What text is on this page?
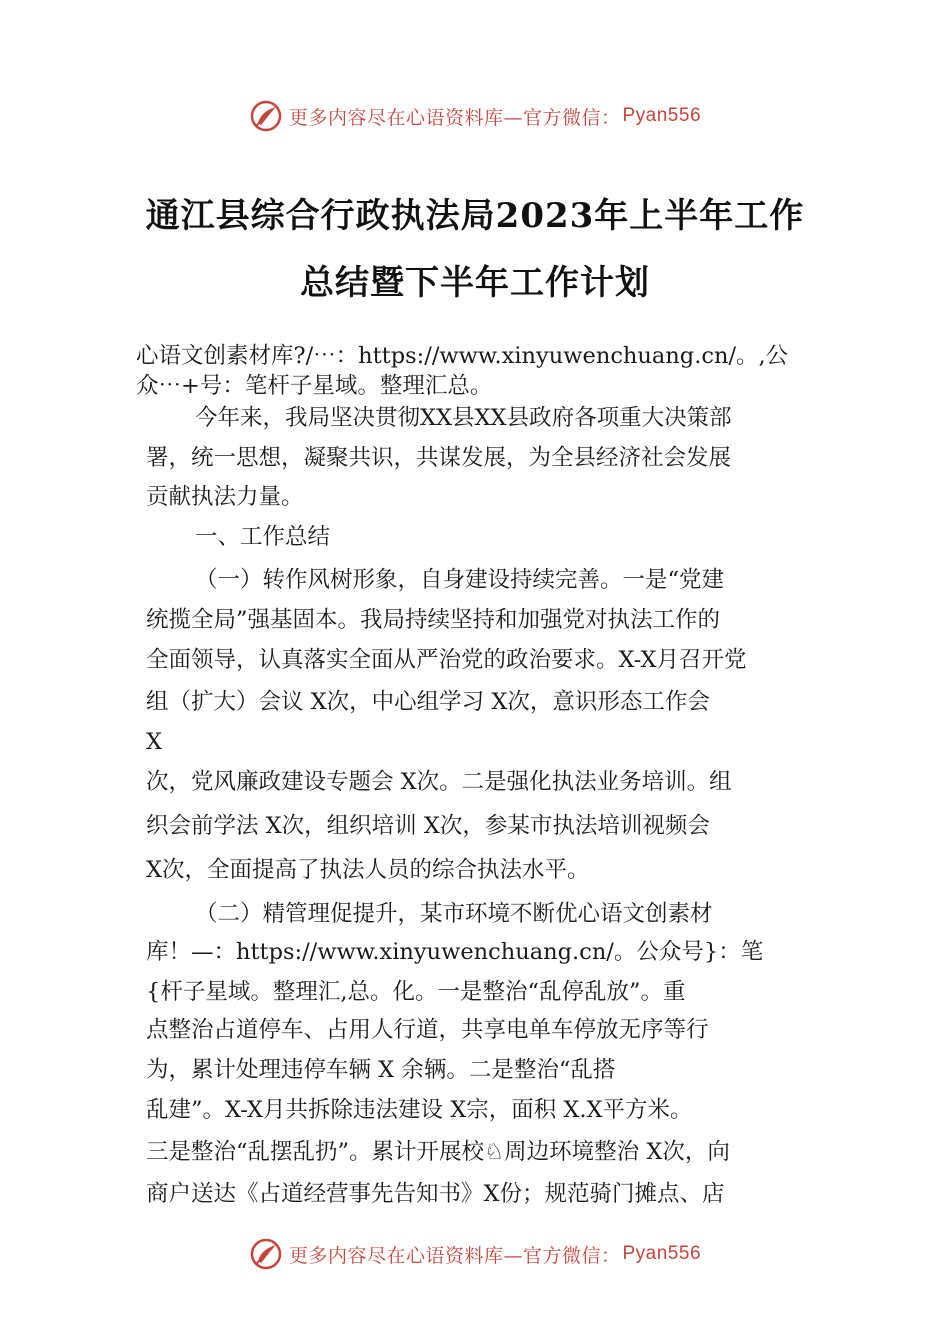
更多内容尽在心语资料库—官方微信： Pyan556
通江县综合行政执法局2023年上半年工作
总结暨下半年工作计划
心语文创素材库?/⋯：https://www.xinyuwenchuang.cn/。,公
众⋯+号：笔杆子星域。整理汇总。
今年来，我局坚决贯彻XX县XX县政府各项重大决策部
署，统一思想，凝聚共识，共谋发展，为全县经济社会发展
贡献执法力量。
一、工作总结
（一）转作风树形象，自身建设持续完善。一是“党建
统揽全局”强基固本。我局持续坚持和加强党对执法工作的
全面领导，认真落实全面从严治党的政治要求。X-X月召开党
组（扩大）会议 X次，中心组学习 X次，意识形态工作会
X
次，党风廉政建设专题会 X次。二是强化执法业务培训。组
织会前学法 X次，组织培训 X次，参某市执法培训视频会
X次，全面提高了执法人员的综合执法水平。
（二）精管理促提升，某市环境不断优心语文创素材
库！—：https://www.xinyuwenchuang.cn/。公众号}：笔
{杆子星域。整理汇,总。化。一是整治“乱停乱放”。重
点整治占道停车、占用人行道，共享电单车停放无序等行
为，累计处理违停车辆 X 余辆。二是整治“乱搭
乱建”。X-X月共拆除违法建设 X宗，面积 X.X平方米。
三是整治“乱摆乱扔”。累计开展校♘周边环境整治 X次，向
商户送达《占道经营事先告知书》X份；规范骑门摊点、店
更多内容尽在心语资料库—官方微信： Pyan556
